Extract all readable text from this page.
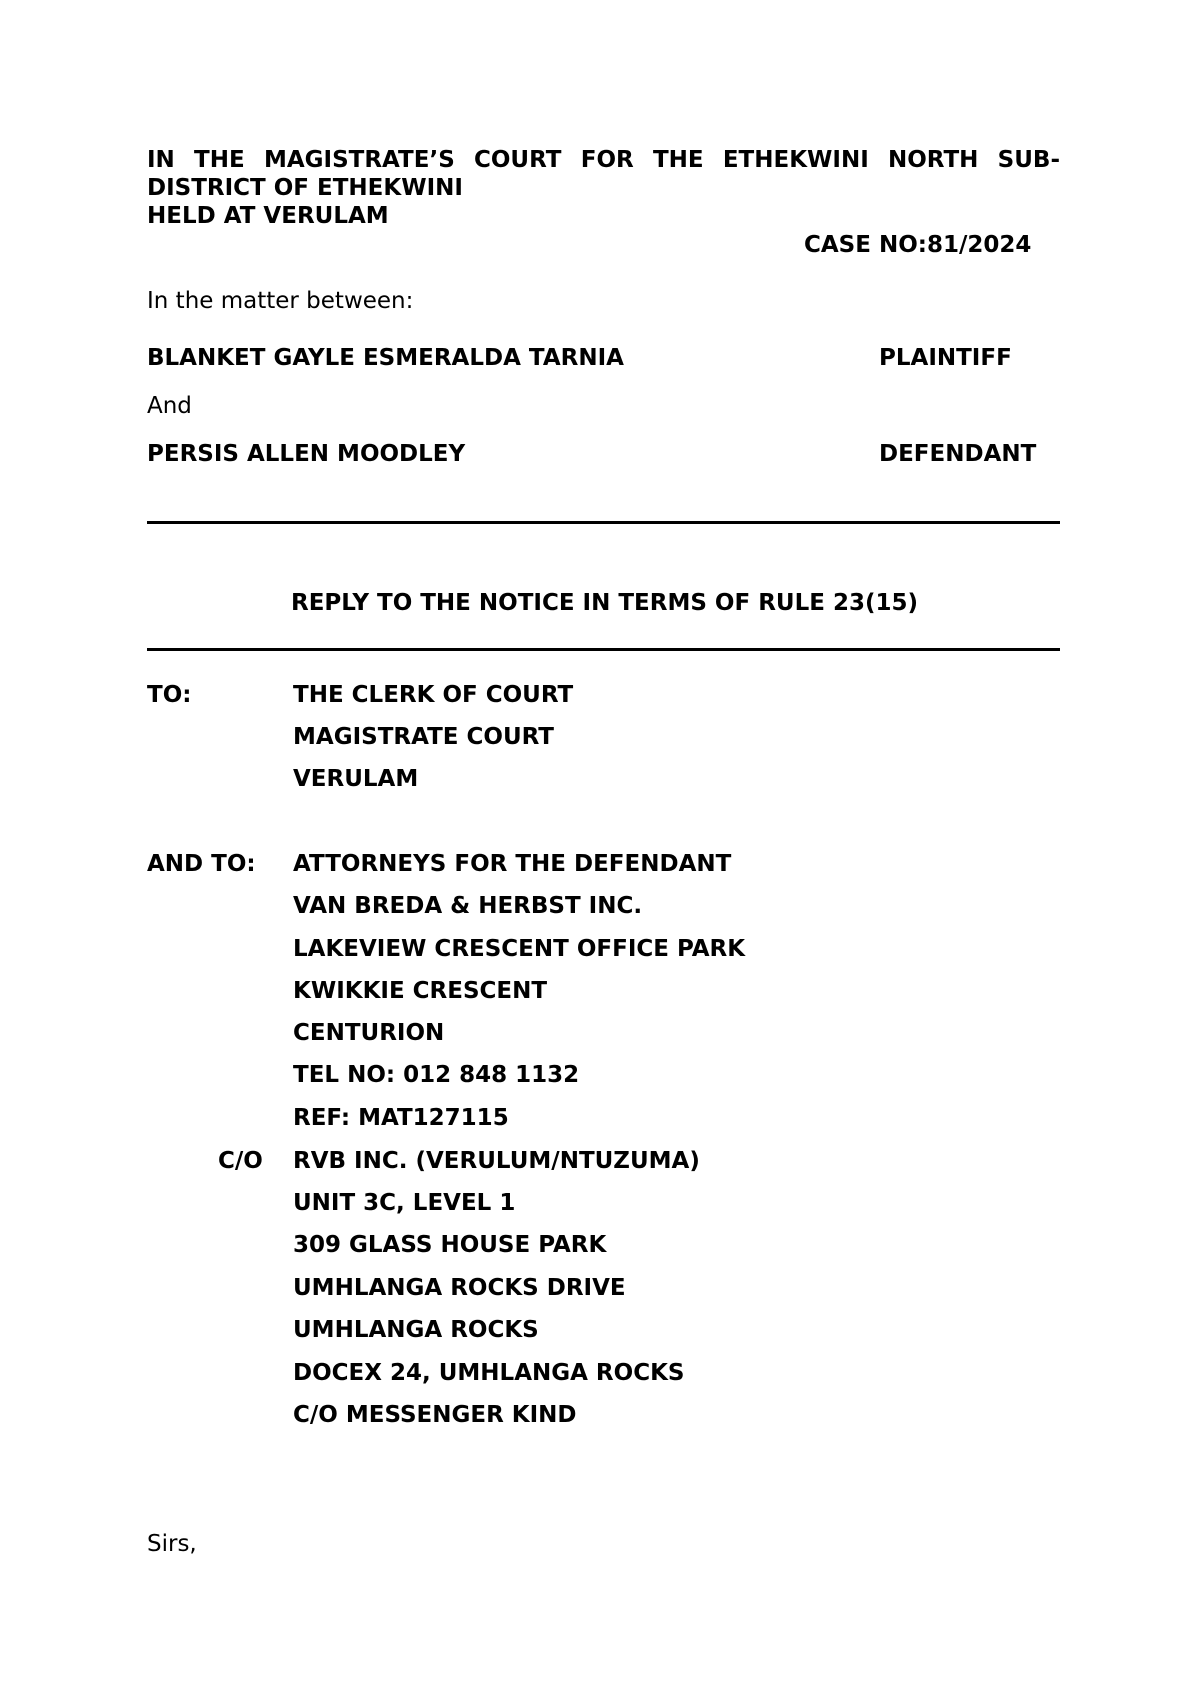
IN THE MAGISTRATE’S COURT FOR THE ETHEKWINI NORTH SUB-
DISTRICT OF ETHEKWINI
HELD AT VERULAM
CASE NO:81/2024
In the matter between:
BLANKET GAYLE ESMERALDA TARNIA	PLAINTIFF
And
PERSIS ALLEN MOODLEY	DEFENDANT
REPLY TO THE NOTICE IN TERMS OF RULE 23(15)
TO:	THE CLERK OF COURT
MAGISTRATE COURT
VERULAM
AND TO: ATTORNEYS FOR THE DEFENDANT
VAN BREDA & HERBST INC.
LAKEVIEW CRESCENT OFFICE PARK
KWIKKIE CRESCENT
CENTURION
TEL NO: 012 848 1132
REF: MAT127115
C/O RVB INC. (VERULUM/NTUZUMA)
UNIT 3C, LEVEL 1
309 GLASS HOUSE PARK
UMHLANGA ROCKS DRIVE
UMHLANGA ROCKS
DOCEX 24, UMHLANGA ROCKS
C/O MESSENGER KIND
Sirs,
